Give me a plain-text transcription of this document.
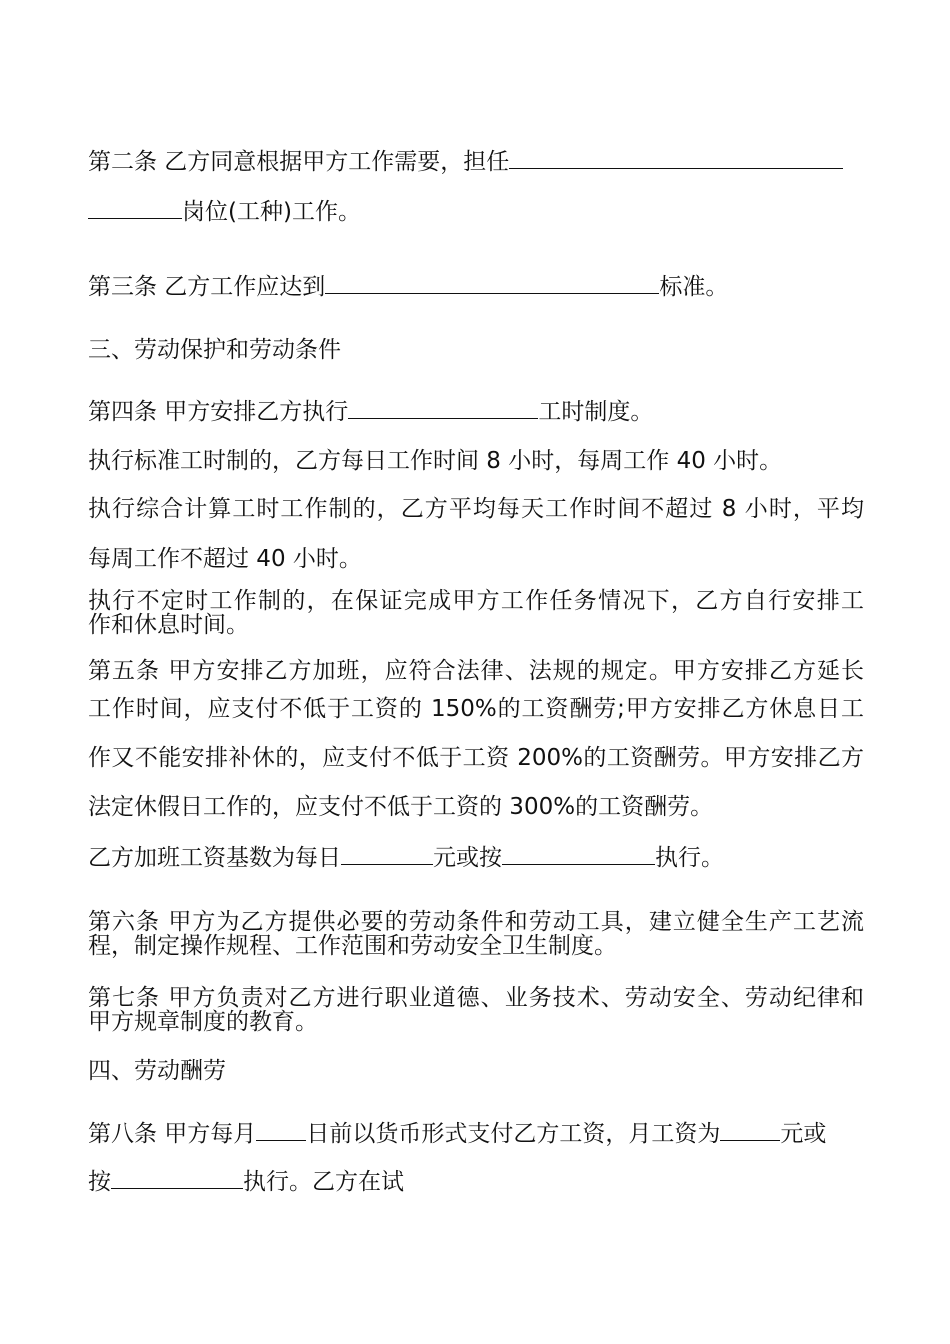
第二条 乙方同意根据甲方工作需要，担任
岗位(工种)工作。
第三条 乙方工作应达到	标准。
三、劳动保护和劳动条件
第四条 甲方安排乙方执行	工时制度。
执行标准工时制的，乙方每日工作时间 8 小时，每周工作 40 小时。
执行综合计算工时工作制的，乙方平均每天工作时间不超过 8 小时，平均
每周工作不超过 40 小时。
执行不定时工作制的，在保证完成甲方工作任务情况下，乙方自行安排工
作和休息时间。
第五条 甲方安排乙方加班，应符合法律、法规的规定。甲方安排乙方延长
工作时间，应支付不低于工资的 150%的工资酬劳;甲方安排乙方休息日工
作又不能安排补休的，应支付不低于工资 200%的工资酬劳。甲方安排乙方
法定休假日工作的，应支付不低于工资的 300%的工资酬劳。
乙方加班工资基数为每日	元或按	执行。
第六条 甲方为乙方提供必要的劳动条件和劳动工具，建立健全生产工艺流
程，制定操作规程、工作范围和劳动安全卫生制度。
第七条 甲方负责对乙方进行职业道德、业务技术、劳动安全、劳动纪律和
甲方规章制度的教育。
四、劳动酬劳
第八条 甲方每月 日前以货币形式支付乙方工资，月工资为	元或
按	执行。乙方在试
